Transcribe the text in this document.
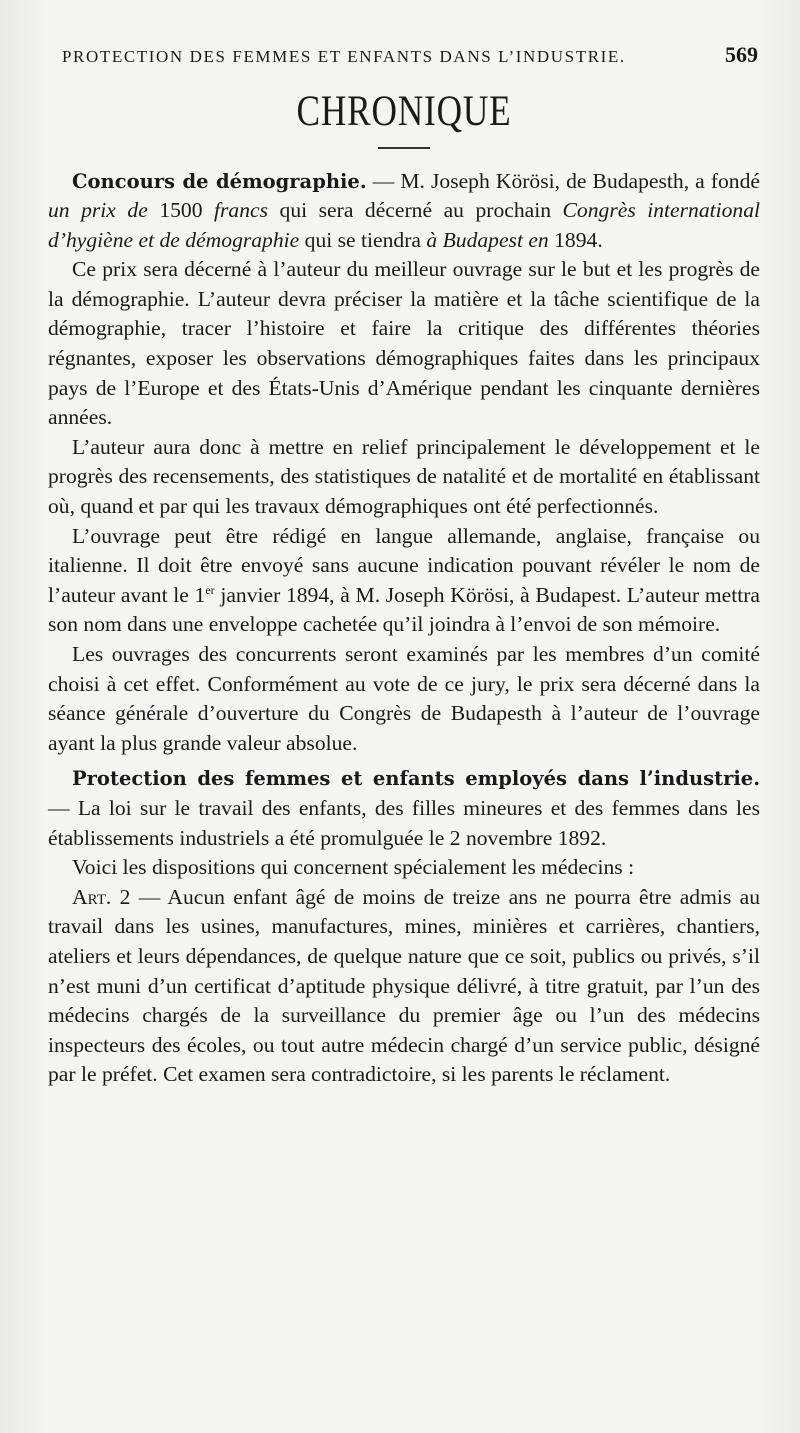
PROTECTION DES FEMMES ET ENFANTS DANS L’INDUSTRIE.	569
CHRONIQUE

Concours de démographie. — M. Joseph Körösi, de Budapesth, a fondé un prix de 1500 francs qui sera décerné au prochain Congrès international d’hygiène et de démographie qui se tiendra à Budapest en 1894.

Ce prix sera décerné à l’auteur du meilleur ouvrage sur le but et les progrès de la démographie. L’auteur devra préciser la matière et la tâche scientifique de la démographie, tracer l’histoire et faire la critique des différentes théories régnantes, exposer les observations démographiques faites dans les principaux pays de l’Europe et des États-Unis d’Amérique pendant les cinquante dernières années.

L’auteur aura donc à mettre en relief principalement le développement et le progrès des recensements, des statistiques de natalité et de mortalité en établissant où, quand et par qui les travaux démographiques ont été perfectionnés.

L’ouvrage peut être rédigé en langue allemande, anglaise, française ou italienne. Il doit être envoyé sans aucune indication pouvant révéler le nom de l’auteur avant le 1er janvier 1894, à M. Joseph Körösi, à Budapest. L’auteur mettra son nom dans une enveloppe cachetée qu’il joindra à l’envoi de son mémoire.

Les ouvrages des concurrents seront examinés par les membres d’un comité choisi à cet effet. Conformément au vote de ce jury, le prix sera décerné dans la séance générale d’ouverture du Congrès de Budapesth à l’auteur de l’ouvrage ayant la plus grande valeur absolue.

Protection des femmes et enfants employés dans l’industrie. — La loi sur le travail des enfants, des filles mineures et des femmes dans les établissements industriels a été promulguée le 2 novembre 1892.

Voici les dispositions qui concernent spécialement les médecins :

Art. 2 — Aucun enfant âgé de moins de treize ans ne pourra être admis au travail dans les usines, manufactures, mines, minières et carrières, chantiers, ateliers et leurs dépendances, de quelque nature que ce soit, publics ou privés, s’il n’est muni d’un certificat d’aptitude physique délivré, à titre gratuit, par l’un des médecins chargés de la surveillance du premier âge ou l’un des médecins inspecteurs des écoles, ou tout autre médecin chargé d’un service public, désigné par le préfet. Cet examen sera contradictoire, si les parents le réclament.
